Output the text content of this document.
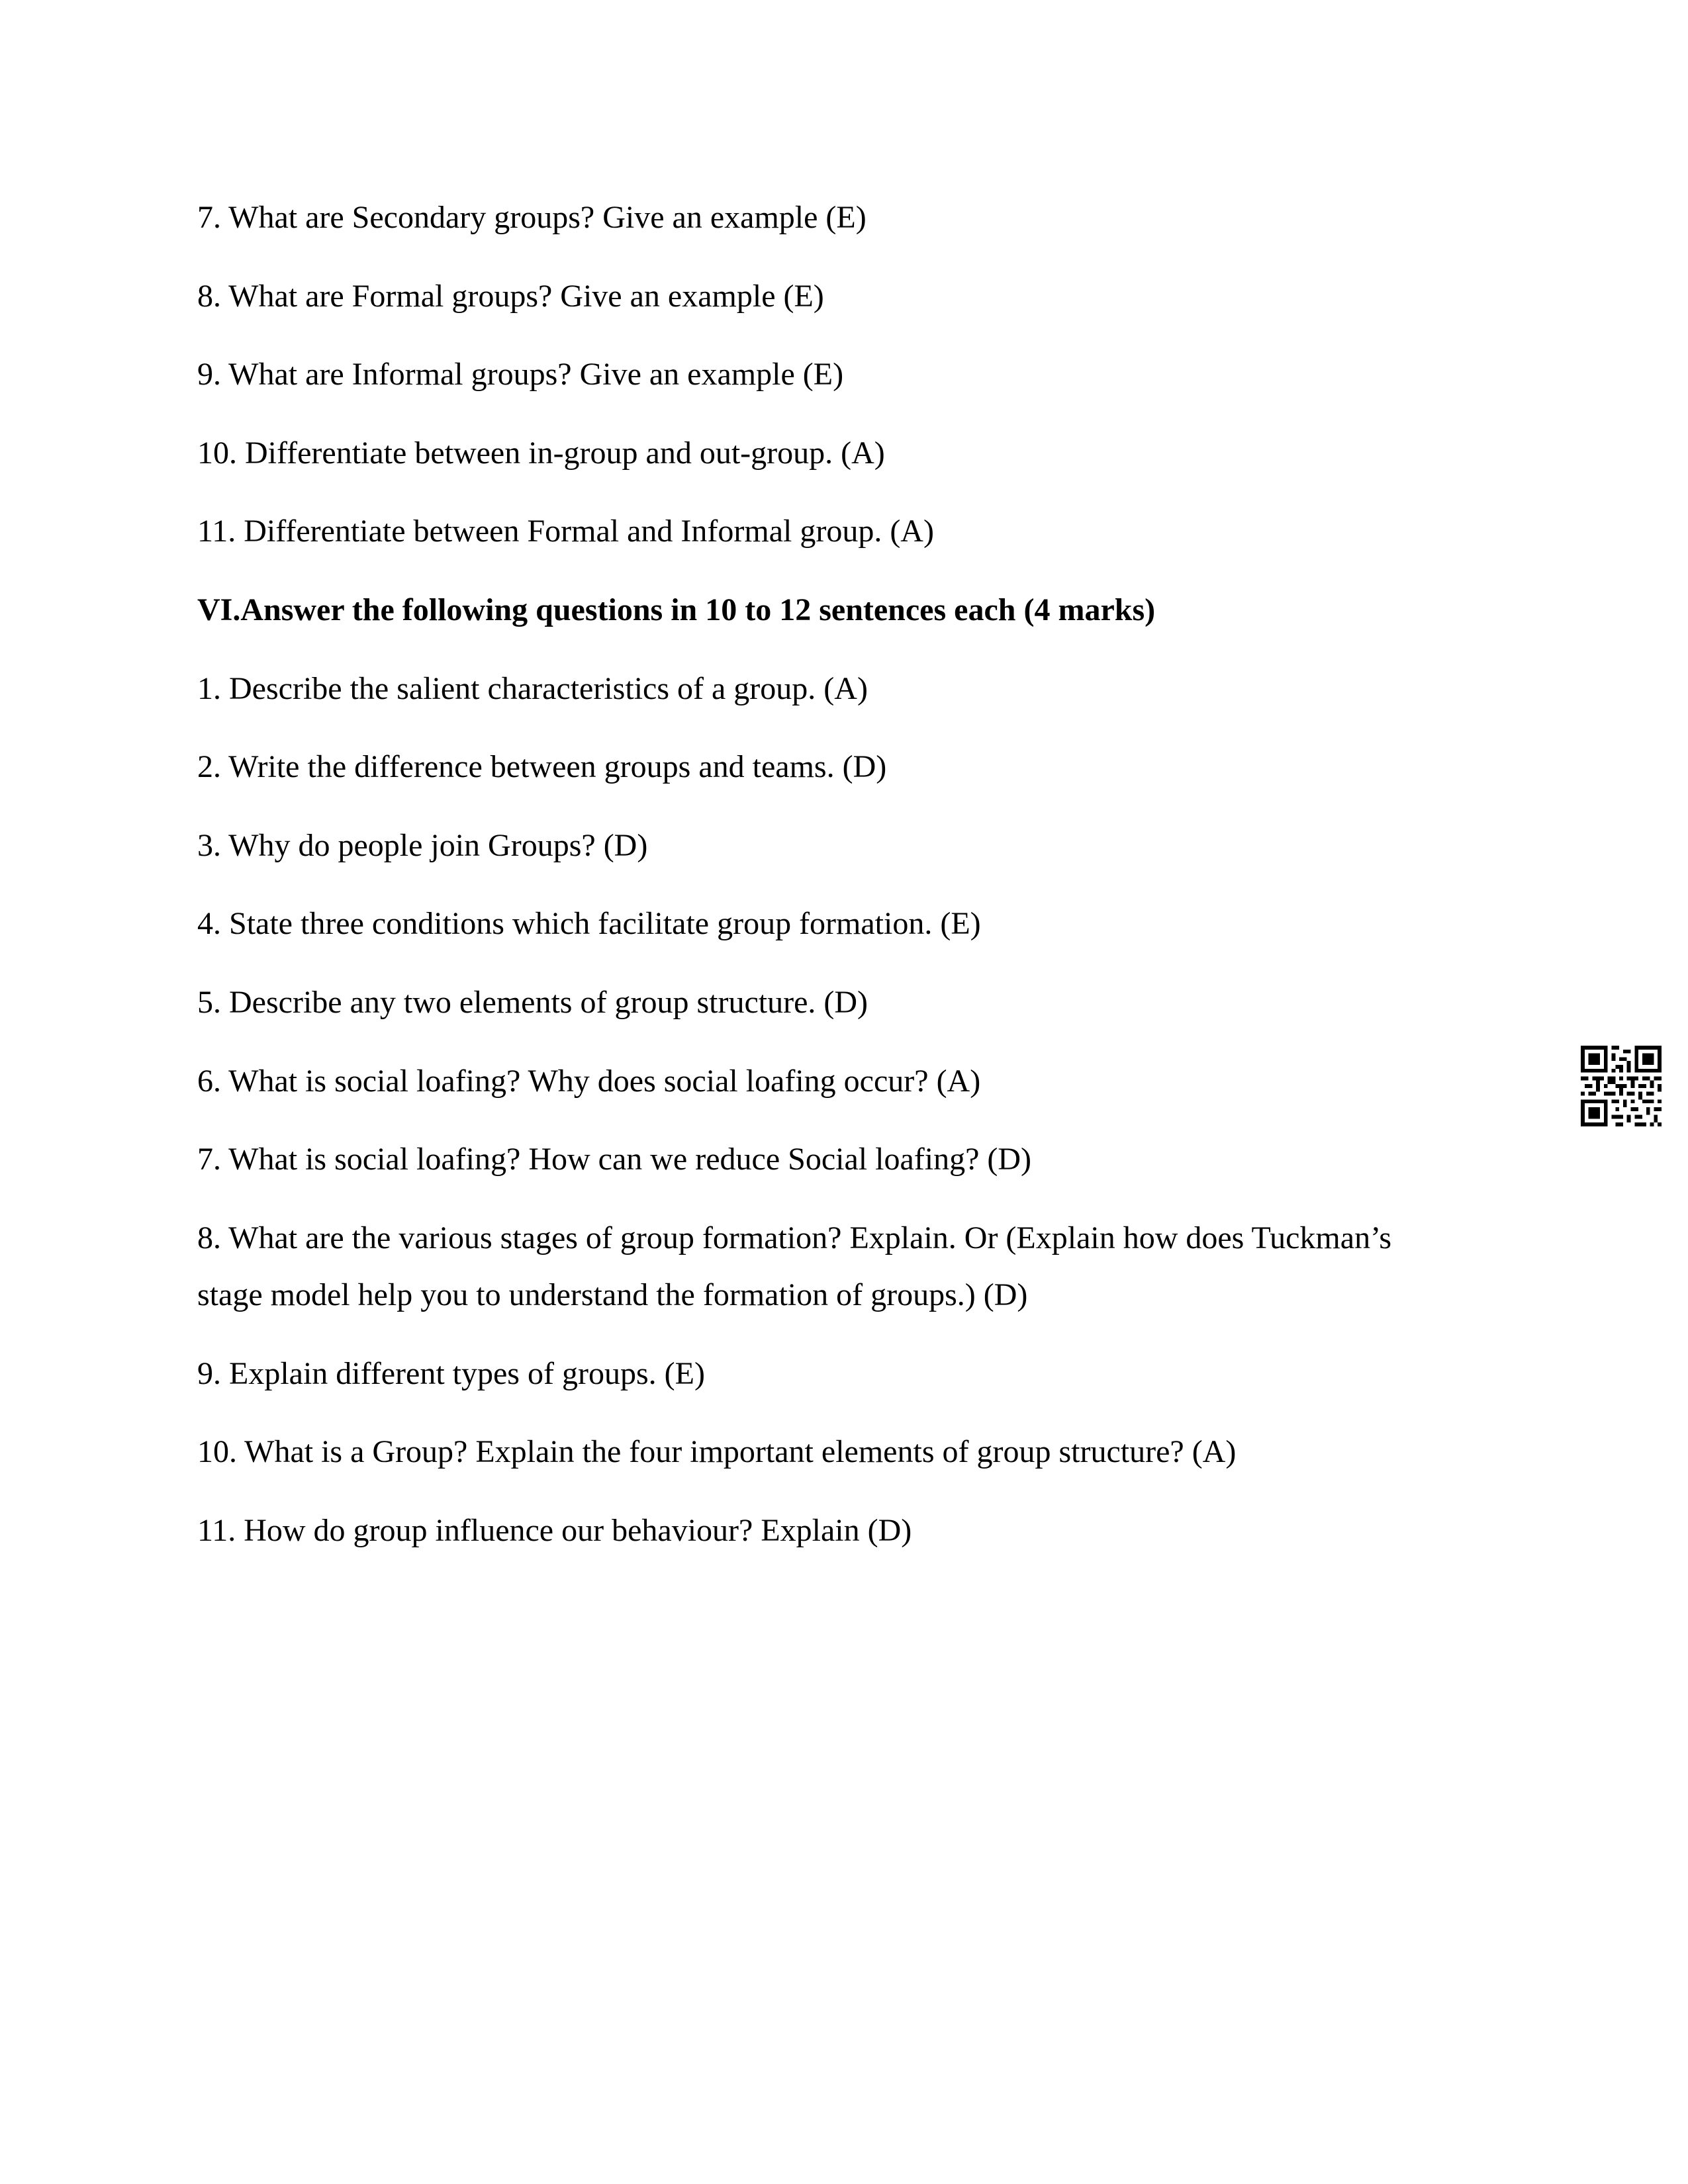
7. What are Secondary groups? Give an example (E)
8. What are Formal groups? Give an example (E)
9. What are Informal groups? Give an example (E)
10. Differentiate between in-group and out-group. (A)
11. Differentiate between Formal and Informal group. (A)
VI.Answer the following questions in 10 to 12 sentences each (4 marks)
1. Describe the salient characteristics of a group. (A)
2. Write the difference between groups and teams. (D)
3. Why do people join Groups? (D)
4. State three conditions which facilitate group formation. (E)
5. Describe any two elements of group structure. (D)
6. What is social loafing? Why does social loafing occur? (A)
7. What is social loafing? How can we reduce Social loafing? (D)
8. What are the various stages of group formation? Explain. Or (Explain how does Tuckman’s
stage model help you to understand the formation of groups.) (D)
9. Explain different types of groups. (E)
10. What is a Group? Explain the four important elements of group structure? (A)
11. How do group influence our behaviour? Explain (D)
